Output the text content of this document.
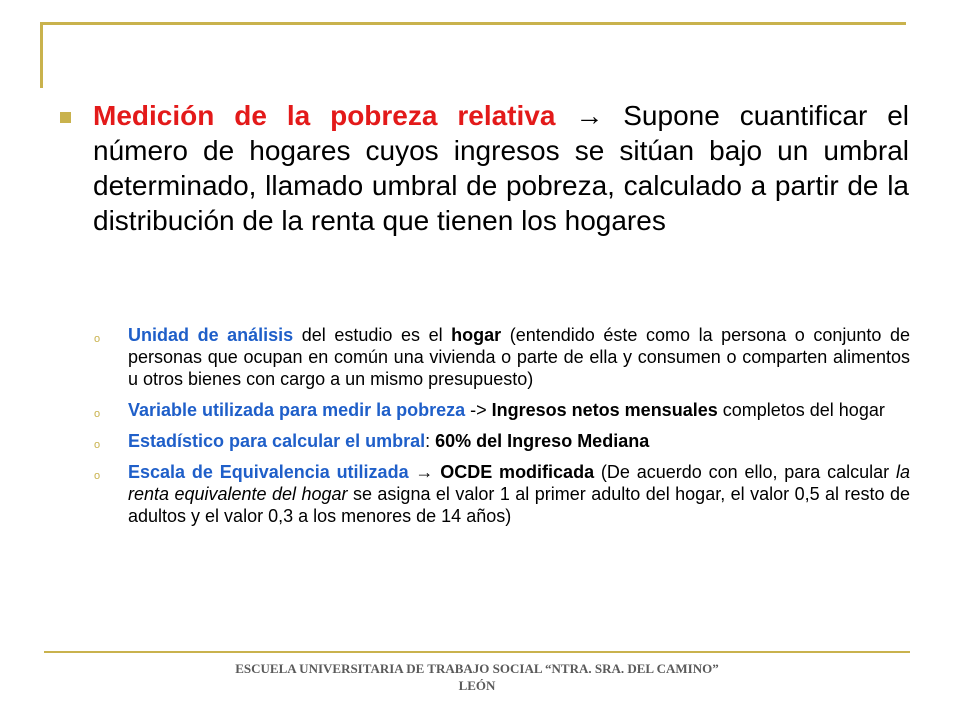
Medición de la pobreza relativa → Supone cuantificar el número de hogares cuyos ingresos se sitúan bajo un umbral determinado, llamado umbral de pobreza, calculado a partir de la distribución de la renta que tienen los hogares
o	Unidad de análisis del estudio es el hogar (entendido éste como la persona o conjunto de personas que ocupan en común una vivienda o parte de ella y consumen o comparten alimentos u otros bienes con cargo a un mismo presupuesto)
o	Variable utilizada para medir la pobreza -> Ingresos netos mensuales completos del hogar
o	Estadístico para calcular el umbral: 60% del Ingreso Mediana
o	Escala de Equivalencia utilizada → OCDE modificada (De acuerdo con ello, para calcular la renta equivalente del hogar se asigna el valor 1 al primer adulto del hogar, el valor 0,5 al resto de adultos y el valor 0,3 a los menores de 14 años)
ESCUELA UNIVERSITARIA DE TRABAJO SOCIAL “NTRA. SRA. DEL CAMINO”
LEÓN
